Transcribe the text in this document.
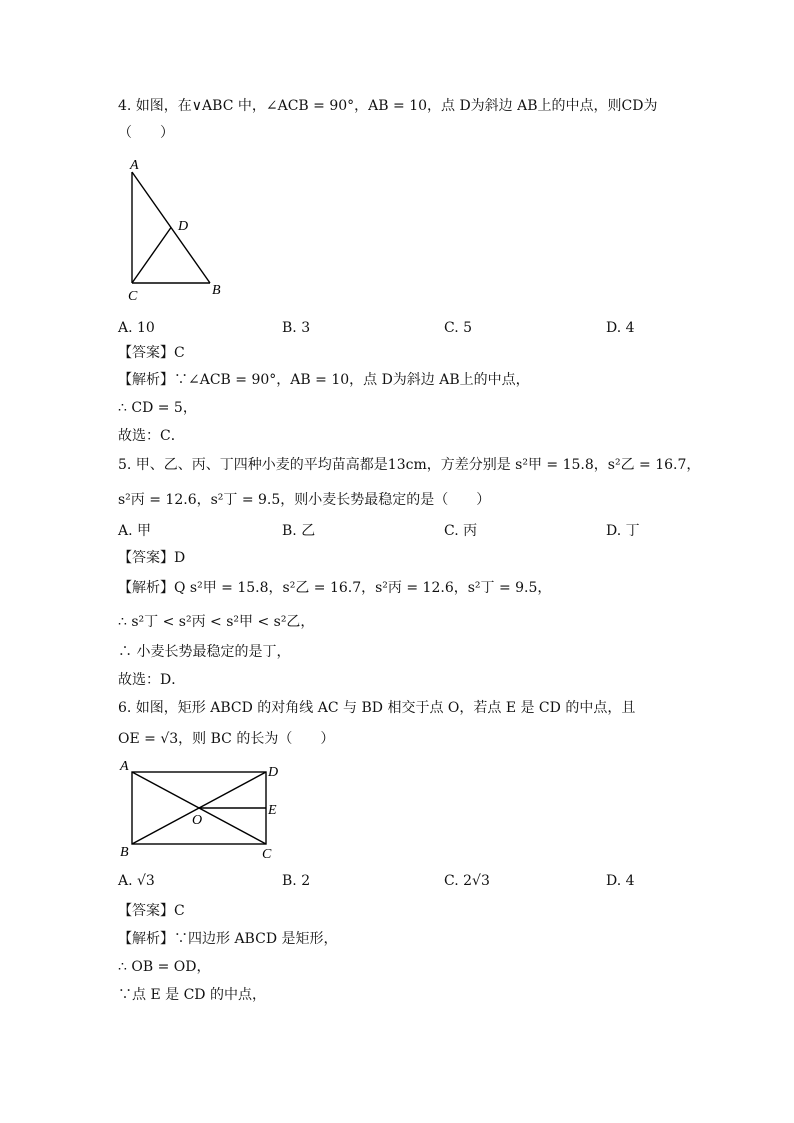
4. 如图，在∨ABC 中，∠ACB = 90°，AB = 10，点 D为斜边 AB上的中点，则CD为
（　　）
A
D
C	B
A. 10	B. 3	C. 5	D. 4
【答案】C
【解析】∵∠ACB = 90°，AB = 10，点 D为斜边 AB上的中点，
∴ CD = 5，
故选：C．
5. 甲、乙、丙、丁四种小麦的平均苗高都是13cm，方差分别是 s²甲 = 15.8，s²乙 = 16.7，
s²丙 = 12.6，s²丁 = 9.5，则小麦长势最稳定的是（　　）
A. 甲	B. 乙	C. 丙	D. 丁
【答案】D
【解析】Q s²甲 = 15.8，s²乙 = 16.7，s²丙 = 12.6，s²丁 = 9.5，
∴ s²丁 < s²丙 < s²甲 < s²乙，
∴ 小麦长势最稳定的是丁，
故选：D．
6. 如图，矩形 ABCD 的对角线 AC 与 BD 相交于点 O，若点 E 是 CD 的中点，且
OE = √3，则 BC 的长为（　　）
A	D
E
O
B	C
A. √3	B. 2	C. 2√3	D. 4
【答案】C
【解析】∵四边形 ABCD 是矩形，
∴ OB = OD，
∵点 E 是 CD 的中点，
